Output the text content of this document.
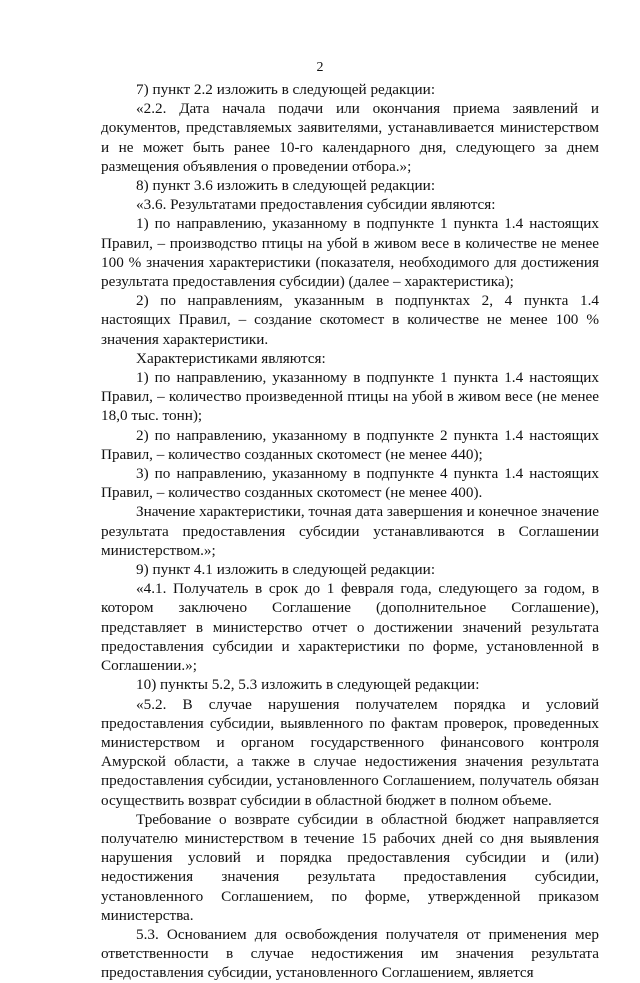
2

7) пункт 2.2 изложить в следующей редакции:

«2.2. Дата начала подачи или окончания приема заявлений и документов, представляемых заявителями, устанавливается министерством и не может быть ранее 10-го календарного дня, следующего за днем размещения объявления о проведении отбора.»;

8) пункт 3.6 изложить в следующей редакции:

«3.6. Результатами предоставления субсидии являются:

1) по направлению, указанному в подпункте 1 пункта 1.4 настоящих Правил, – производство птицы на убой в живом весе в количестве не менее 100 % значения характеристики (показателя, необходимого для достижения результата предоставления субсидии) (далее – характеристика);

2) по направлениям, указанным в подпунктах 2, 4 пункта 1.4 настоящих Правил, – создание скотомест в количестве не менее 100 % значения характеристики.

Характеристиками являются:

1) по направлению, указанному в подпункте 1 пункта 1.4 настоящих Правил, – количество произведенной птицы на убой в живом весе (не менее 18,0 тыс. тонн);

2) по направлению, указанному в подпункте 2 пункта 1.4 настоящих Правил, – количество созданных скотомест (не менее 440);

3) по направлению, указанному в подпункте 4 пункта 1.4 настоящих Правил, – количество созданных скотомест (не менее 400).

Значение характеристики, точная дата завершения и конечное значение результата предоставления субсидии устанавливаются в Соглашении министерством.»;

9) пункт 4.1 изложить в следующей редакции:

«4.1. Получатель в срок до 1 февраля года, следующего за годом, в котором заключено Соглашение (дополнительное Соглашение), представляет в министерство отчет о достижении значений результата предоставления субсидии и характеристики по форме, установленной в Соглашении.»;

10) пункты 5.2, 5.3 изложить в следующей редакции:

«5.2. В случае нарушения получателем порядка и условий предоставления субсидии, выявленного по фактам проверок, проведенных министерством и органом государственного финансового контроля Амурской области, а также в случае недостижения значения результата предоставления субсидии, установленного Соглашением, получатель обязан осуществить возврат субсидии в областной бюджет в полном объеме.

Требование о возврате субсидии в областной бюджет направляется получателю министерством в течение 15 рабочих дней со дня выявления нарушения условий и порядка предоставления субсидии и (или) недостижения значения результата предоставления субсидии, установленного Соглашением, по форме, утвержденной приказом министерства.

5.3. Основанием для освобождения получателя от применения мер ответственности в случае недостижения им значения результата предоставления субсидии, установленного Соглашением, является
